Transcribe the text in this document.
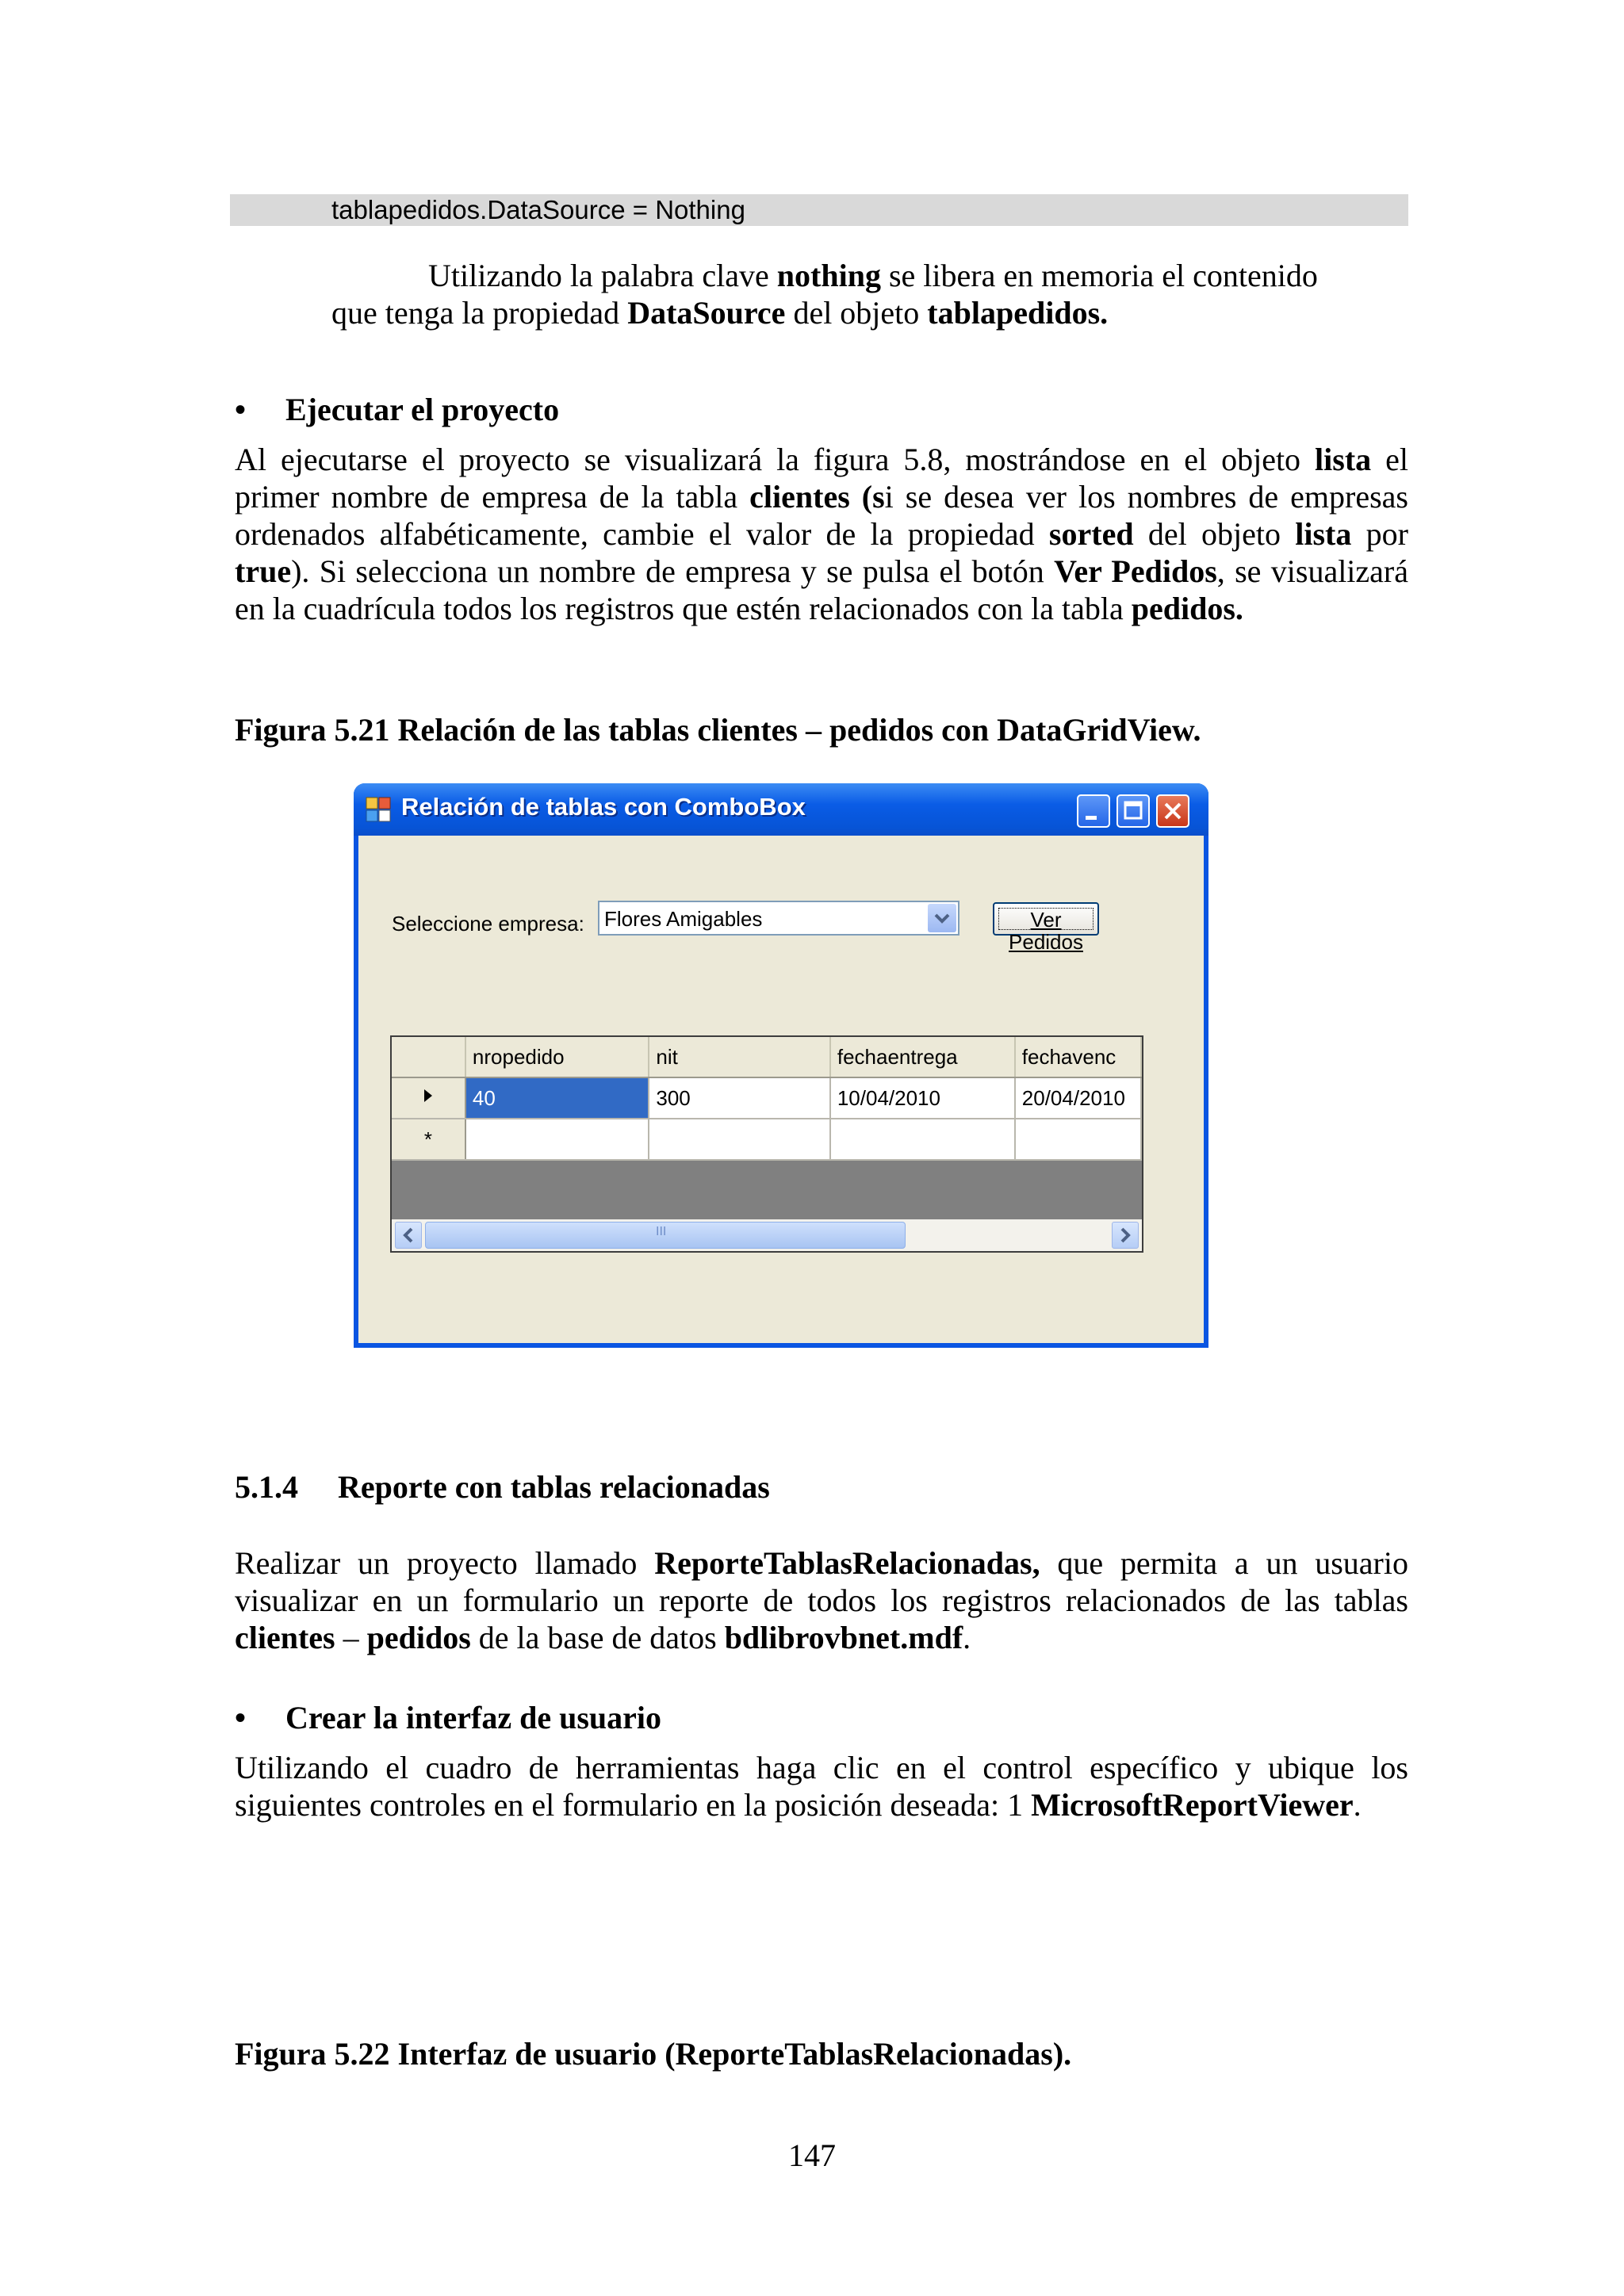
tablapedidos.DataSource = Nothing
Utilizando la palabra clave nothing se libera en memoria el contenido
que tenga la propiedad DataSource del objeto tablapedidos.
•	Ejecutar el proyecto
Al ejecutarse el proyecto se visualizará la figura 5.8, mostrándose en el objeto lista el primer nombre de empresa de la tabla clientes (si se desea ver los nombres de empresas ordenados alfabéticamente, cambie el valor de la propiedad sorted del objeto lista por true). Si selecciona un nombre de empresa y se pulsa el botón Ver Pedidos, se visualizará en la cuadrícula todos los registros que estén relacionados con la tabla pedidos.
Figura 5.21 Relación de las tablas clientes – pedidos con DataGridView.
Relación de tablas con ComboBox
Seleccione empresa: Flores Amigables	Ver Pedidos
	nropedido	nit	fechaentrega	fechavenc
	40	300	10/04/2010	20/04/2010
*				
III
5.1.4 Reporte con tablas relacionadas
Realizar un proyecto llamado ReporteTablasRelacionadas, que permita a un usuario visualizar en un formulario un reporte de todos los registros relacionados de las tablas clientes – pedidos de la base de datos bdlibrovbnet.mdf.
•	Crear la interfaz de usuario
Utilizando el cuadro de herramientas haga clic en el control específico y ubique los siguientes controles en el formulario en la posición deseada: 1 MicrosoftReportViewer.
Figura 5.22 Interfaz de usuario (ReporteTablasRelacionadas).
147
